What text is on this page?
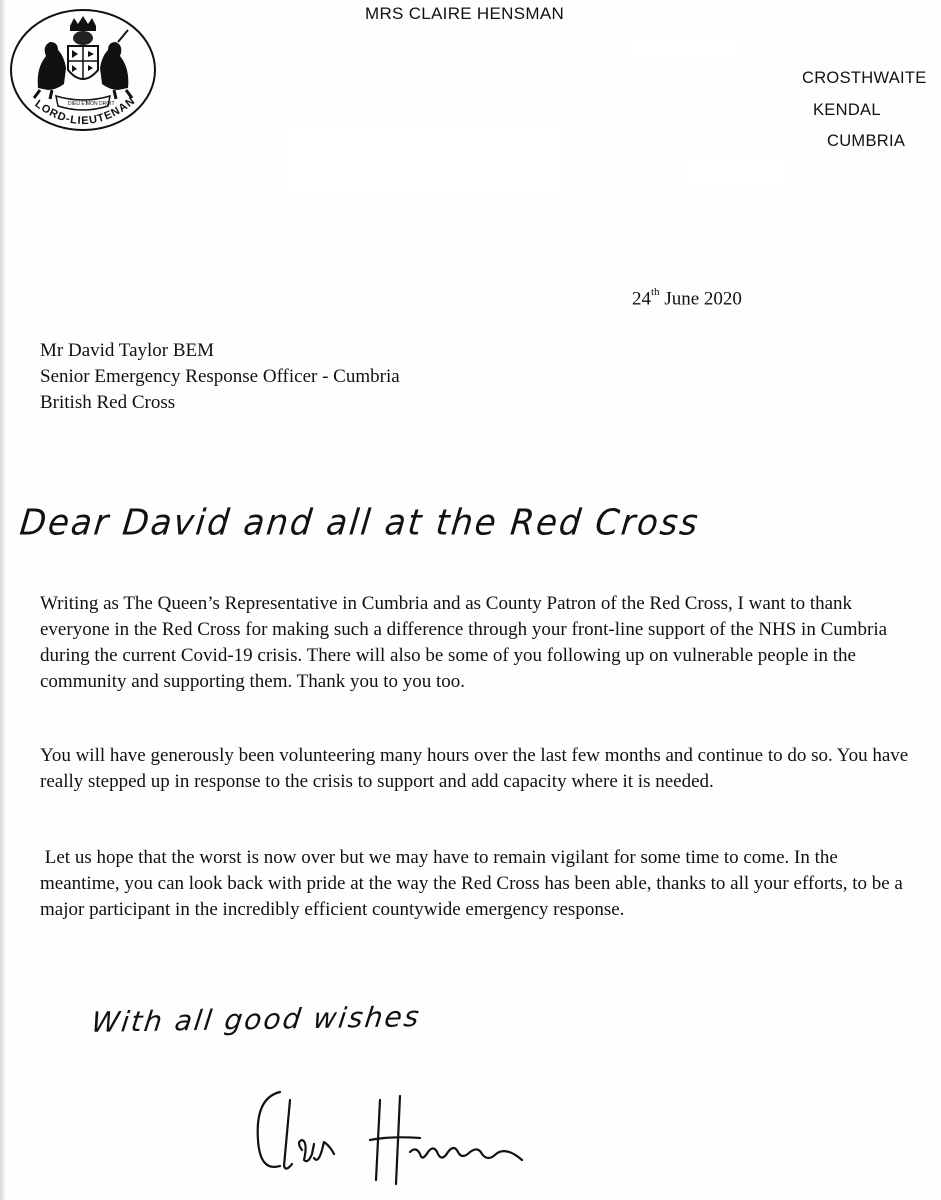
DIEU ET
MON DROIT
LORD-LIEUTENAN
MRS CLAIRE HENSMAN
CROSTHWAITE
KENDAL
CUMBRIA
24th June 2020
Mr David Taylor BEM
Senior Emergency Response Officer - Cumbria
British Red Cross
Dear David and all at the Red Cross
Writing as The Queen’s Representative in Cumbria and as County Patron of the Red Cross, I want to thank everyone in the Red Cross for making such a difference through your front-line support of the NHS in Cumbria during the current Covid-19 crisis. There will also be some of you following up on vulnerable people in the community and supporting them. Thank you to you too.
You will have generously been volunteering many hours over the last few months and continue to do so. You have really stepped up in response to the crisis to support and add capacity where it is needed.
Let us hope that the worst is now over but we may have to remain vigilant for some time to come. In the meantime, you can look back with pride at the way the Red Cross has been able, thanks to all your efforts, to be a major participant in the incredibly efficient countywide emergency response.
With all good wishes
